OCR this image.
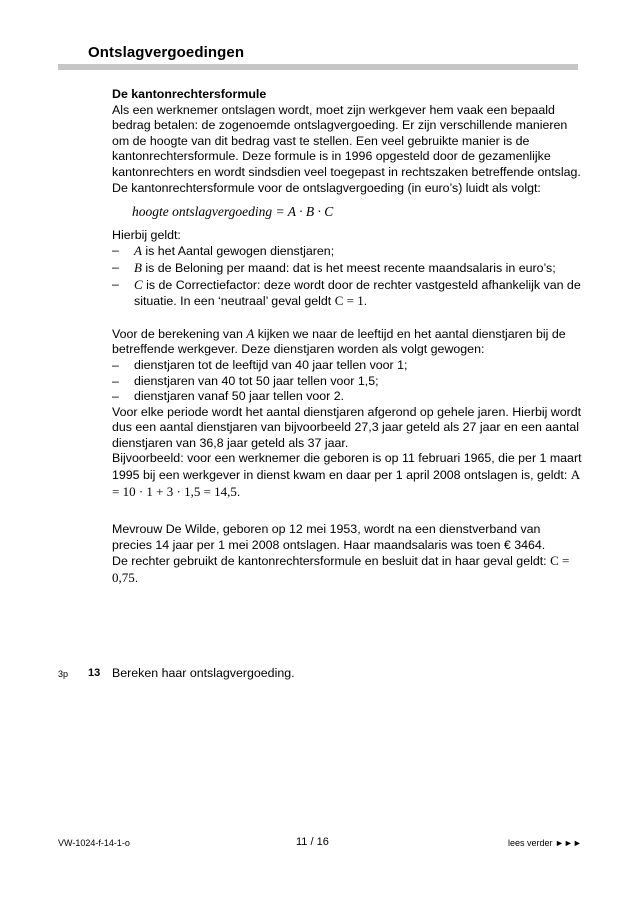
Ontslagvergoedingen

De kantonrechtersformule

Als een werknemer ontslagen wordt, moet zijn werkgever hem vaak een bepaald bedrag betalen: de zogenoemde ontslagvergoeding. Er zijn verschillende manieren om de hoogte van dit bedrag vast te stellen. Een veel gebruikte manier is de kantonrechtersformule. Deze formule is in 1996 opgesteld door de gezamenlijke kantonrechters en wordt sindsdien veel toegepast in rechtszaken betreffende ontslag.

De kantonrechtersformule voor de ontslagvergoeding (in euro’s) luidt als volgt:

hoogte ontslagvergoeding = A · B · C

Hierbij geldt:

– A is het Aantal gewogen dienstjaren;
– B is de Beloning per maand: dat is het meest recente maandsalaris in euro’s;
– C is de Correctiefactor: deze wordt door de rechter vastgesteld afhankelijk van de situatie. In een ‘neutraal’ geval geldt C = 1.

Voor de berekening van A kijken we naar de leeftijd en het aantal dienstjaren bij de betreffende werkgever. Deze dienstjaren worden als volgt gewogen:

– dienstjaren tot de leeftijd van 40 jaar tellen voor 1;
– dienstjaren van 40 tot 50 jaar tellen voor 1,5;
– dienstjaren vanaf 50 jaar tellen voor 2.

Voor elke periode wordt het aantal dienstjaren afgerond op gehele jaren. Hierbij wordt dus een aantal dienstjaren van bijvoorbeeld 27,3 jaar geteld als 27 jaar en een aantal dienstjaren van 36,8 jaar geteld als 37 jaar.

Bijvoorbeeld: voor een werknemer die geboren is op 11 februari 1965, die per 1 maart 1995 bij een werkgever in dienst kwam en daar per 1 april 2008 ontslagen is, geldt: A = 10 · 1 + 3 · 1,5 = 14,5.

Mevrouw De Wilde, geboren op 12 mei 1953, wordt na een dienstverband van precies 14 jaar per 1 mei 2008 ontslagen. Haar maandsalaris was toen € 3464.

De rechter gebruikt de kantonrechtersformule en besluit dat in haar geval geldt: C = 0,75.

3p 13 Bereken haar ontslagvergoeding.
VW-1024-f-14-1-o	11 / 16	lees verder ►►►
